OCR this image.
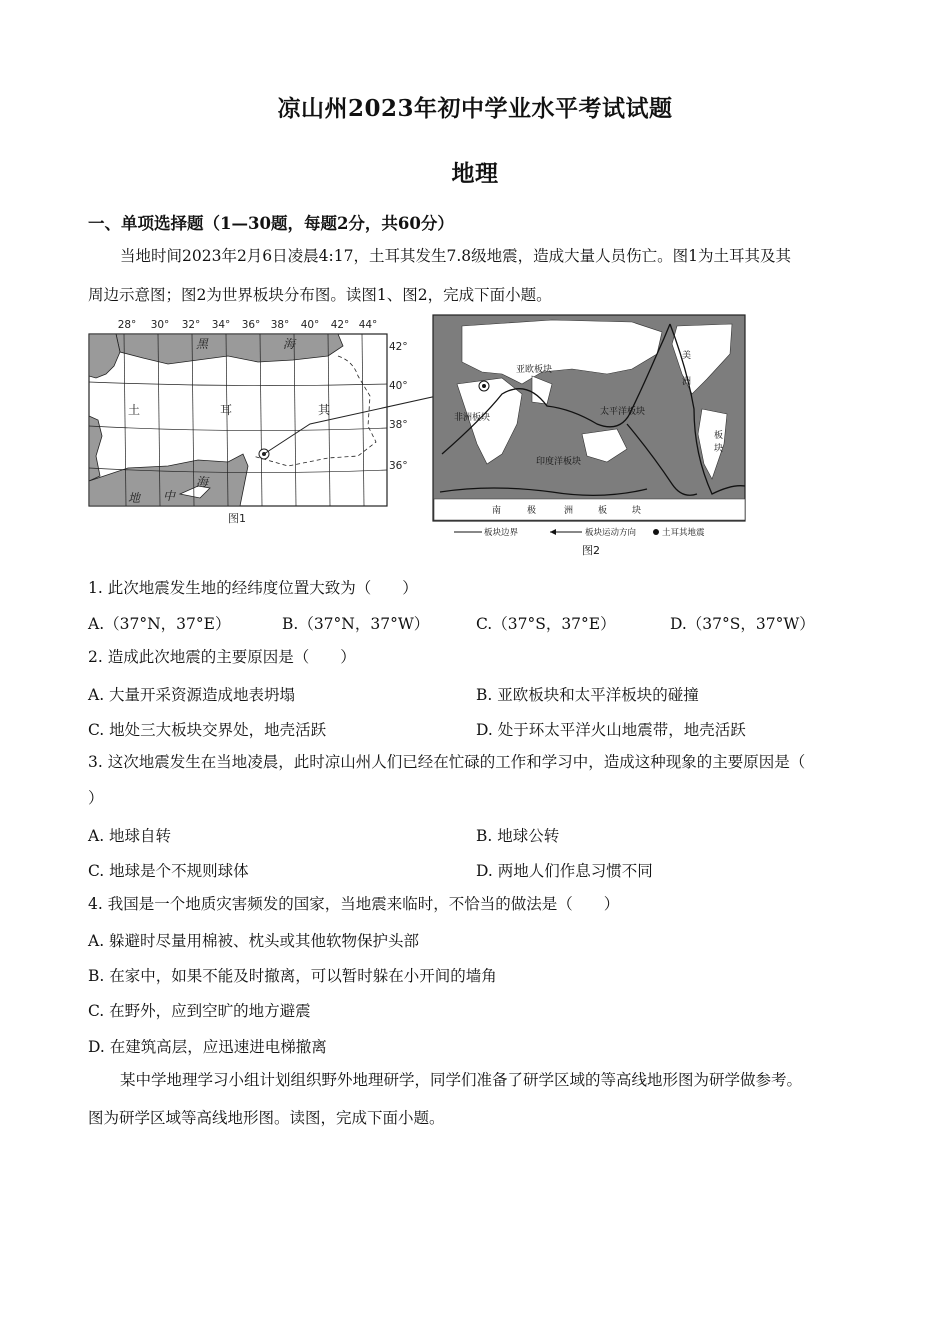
凉山州2023年初中学业水平考试试题
地理
一、单项选择题（1—30题，每题2分，共60分）
当地时间2023年2月6日凌晨4:17，土耳其发生7.8级地震，造成大量人员伤亡。图1为土耳其及其
周边示意图；图2为世界板块分布图。读图1、图2，完成下面小题。
28° 30° 32° 34° 36° 38° 40° 42° 44°
42°
40°
38°
36°
黑	海
地 中
海
土	耳	其
图1
亚欧板块
非洲板块
太平洋板块
印度洋板块
美
洲
板
块
南	极	洲	板	块
板块边界	板块运动方向	土耳其地震
图2
1. 此次地震发生地的经纬度位置大致为（　　）
A.（37°N，37°E）	B.（37°N，37°W）	C.（37°S，37°E）	D.（37°S，37°W）
2. 造成此次地震的主要原因是（　　）
A. 大量开采资源造成地表坍塌	B. 亚欧板块和太平洋板块的碰撞
C. 地处三大板块交界处，地壳活跃	D. 处于环太平洋火山地震带，地壳活跃
3. 这次地震发生在当地凌晨，此时凉山州人们已经在忙碌的工作和学习中，造成这种现象的主要原因是（
）
A. 地球自转	B. 地球公转
C. 地球是个不规则球体	D. 两地人们作息习惯不同
4. 我国是一个地质灾害频发的国家，当地震来临时，不恰当的做法是（　　）
A. 躲避时尽量用棉被、枕头或其他软物保护头部
B. 在家中，如果不能及时撤离，可以暂时躲在小开间的墙角
C. 在野外，应到空旷的地方避震
D. 在建筑高层，应迅速进电梯撤离
某中学地理学习小组计划组织野外地理研学，同学们准备了研学区域的等高线地形图为研学做参考。
图为研学区域等高线地形图。读图，完成下面小题。
